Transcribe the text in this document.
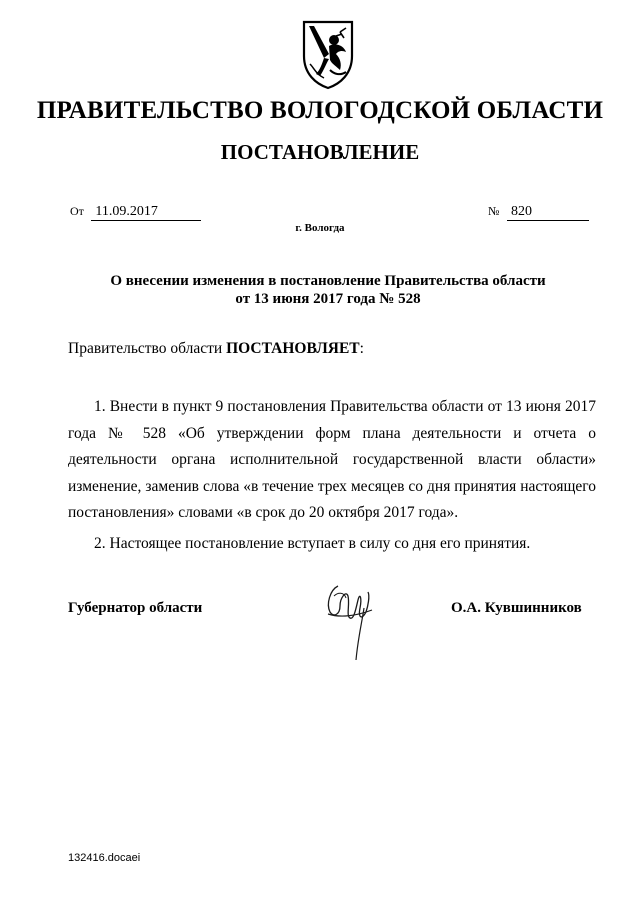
ПРАВИТЕЛЬСТВО ВОЛОГОДСКОЙ ОБЛАСТИ
ПОСТАНОВЛЕНИЕ
От 11.09.2017	№ 820
г. Вологда
О внесении изменения в постановление Правительства области
от 13 июня 2017 года № 528
Правительство области ПОСТАНОВЛЯЕТ:

1. Внести в пункт 9 постановления Правительства области от 13 июня 2017 года № 528 «Об утверждении форм плана деятельности и отчета о деятельности органа исполнительной государственной власти области» изменение, заменив слова «в течение трех месяцев со дня принятия настоящего постановления» словами «в срок до 20 октября 2017 года».

2. Настоящее постановление вступает в силу со дня его принятия.

Губернатор области	О.А. Кувшинников
132416.docaei
